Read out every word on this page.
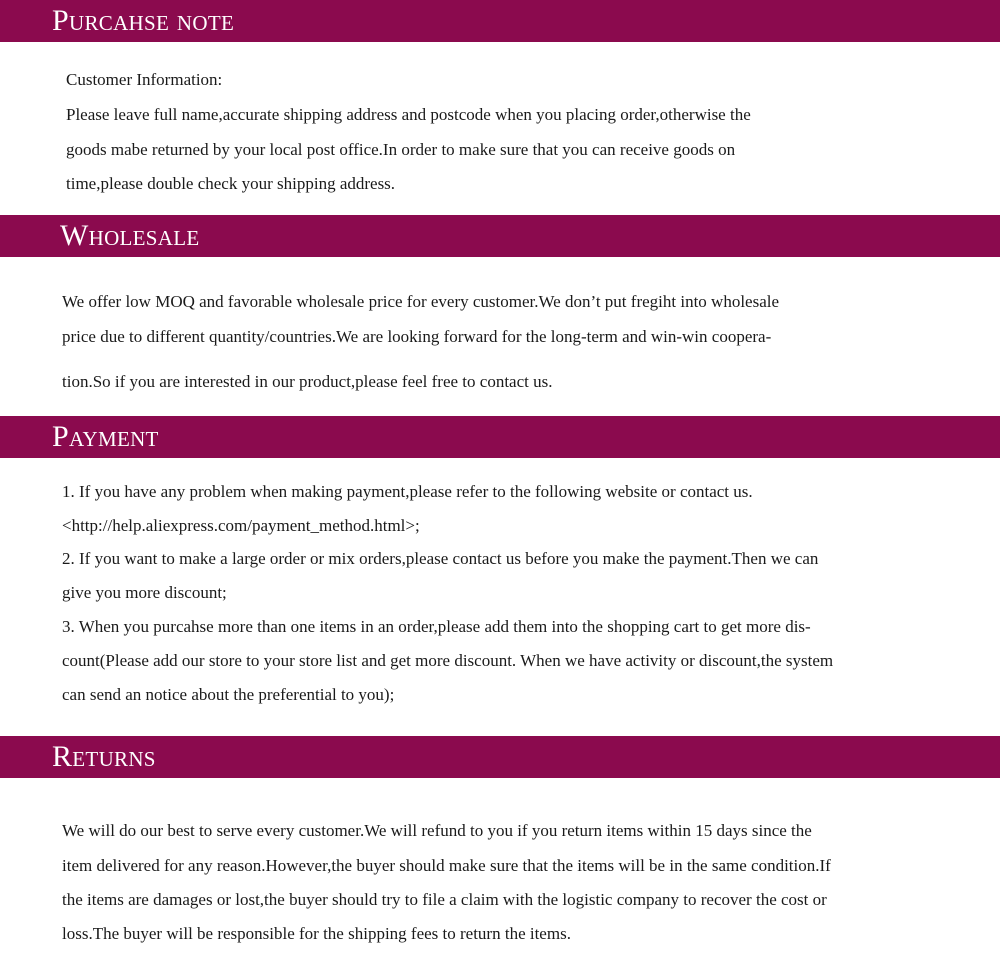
Purcahse note
Customer Information:
Please leave full name,accurate shipping address and postcode when you placing order,otherwise the
goods mabe returned by your local post office.In order to make sure that you can receive goods on
time,please double check your shipping address.
Wholesale
We offer low MOQ and favorable wholesale price for every customer.We don’t put fregiht into wholesale
price due to different quantity/countries.We are looking forward for the long-term and win-win coopera-
tion.So if you are interested in our product,please feel free to contact us.
Payment
1. If you have any problem when making payment,please refer to the following website or contact us.
<http://help.aliexpress.com/payment_method.html>;
2. If you want to make a large order or mix orders,please contact us before you make the payment.Then we can
give you more discount;
3. When you purcahse more than one items in an order,please add them into the shopping cart to get more dis-
count(Please add our store to your store list and get more discount. When we have activity or discount,the system
can send an notice about the preferential to you);
Returns
We will do our best to serve every customer.We will refund to you if you return items within 15 days since the
item delivered for any reason.However,the buyer should make sure that the items will be in the same condition.If
the items are damages or lost,the buyer should try to file a claim with the logistic company to recover the cost or
loss.The buyer will be responsible for the shipping fees to return the items.
